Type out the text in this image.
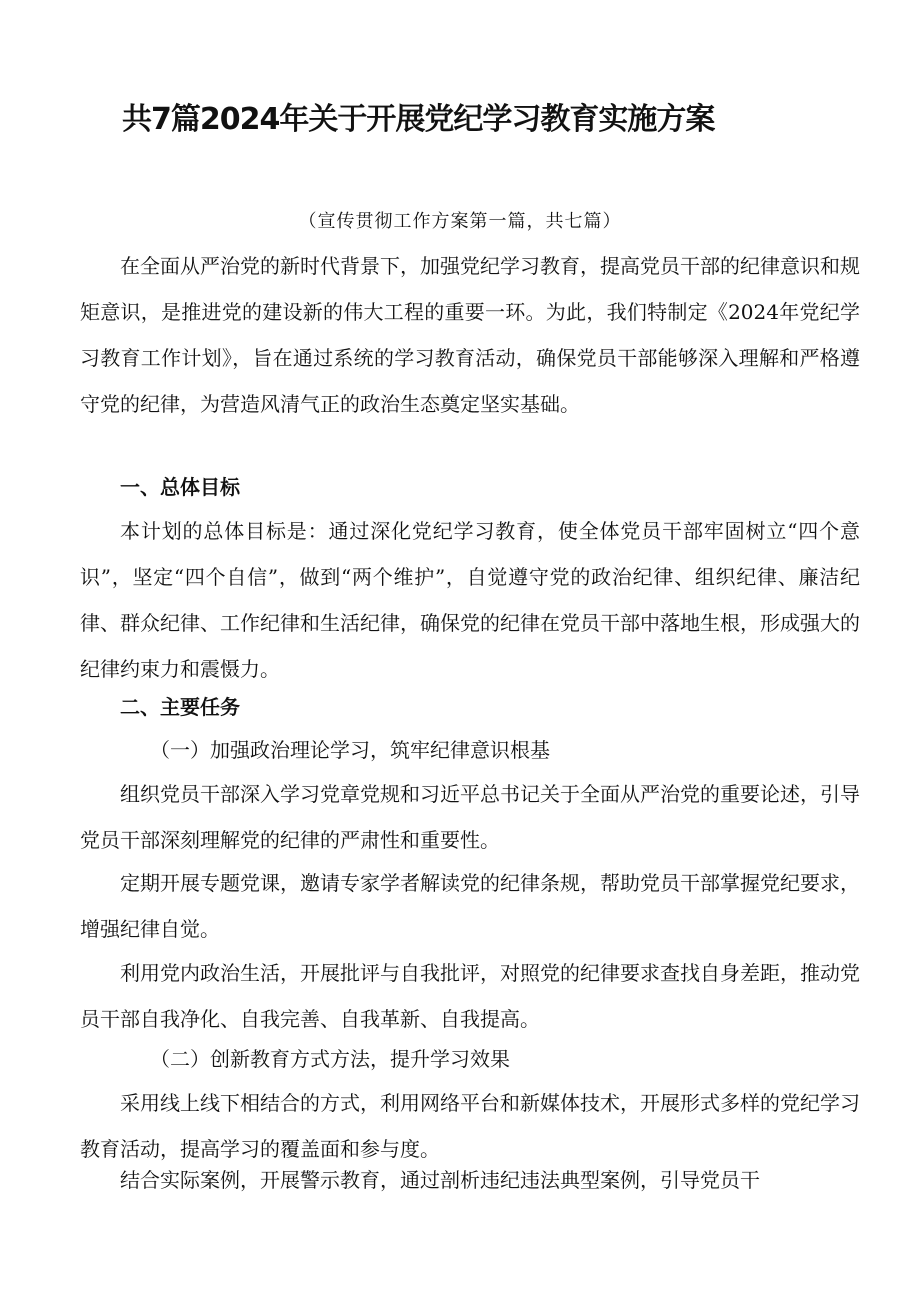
共7篇2024年关于开展党纪学习教育实施方案
（宣传贯彻工作方案第一篇，共七篇）
在全面从严治党的新时代背景下，加强党纪学习教育，提高党员干部的纪律意识和规矩意识，是推进党的建设新的伟大工程的重要一环。为此，我们特制定《2024年党纪学习教育工作计划》，旨在通过系统的学习教育活动，确保党员干部能够深入理解和严格遵守党的纪律，为营造风清气正的政治生态奠定坚实基础。
一、总体目标
本计划的总体目标是：通过深化党纪学习教育，使全体党员干部牢固树立“四个意识”，坚定“四个自信”，做到“两个维护”，自觉遵守党的政治纪律、组织纪律、廉洁纪律、群众纪律、工作纪律和生活纪律，确保党的纪律在党员干部中落地生根，形成强大的纪律约束力和震慑力。
二、主要任务
（一）加强政治理论学习，筑牢纪律意识根基
组织党员干部深入学习党章党规和习近平总书记关于全面从严治党的重要论述，引导党员干部深刻理解党的纪律的严肃性和重要性。
定期开展专题党课，邀请专家学者解读党的纪律条规，帮助党员干部掌握党纪要求，增强纪律自觉。
利用党内政治生活，开展批评与自我批评，对照党的纪律要求查找自身差距，推动党员干部自我净化、自我完善、自我革新、自我提高。
（二）创新教育方式方法，提升学习效果
采用线上线下相结合的方式，利用网络平台和新媒体技术，开展形式多样的党纪学习教育活动，提高学习的覆盖面和参与度。
结合实际案例，开展警示教育，通过剖析违纪违法典型案例，引导党员干
